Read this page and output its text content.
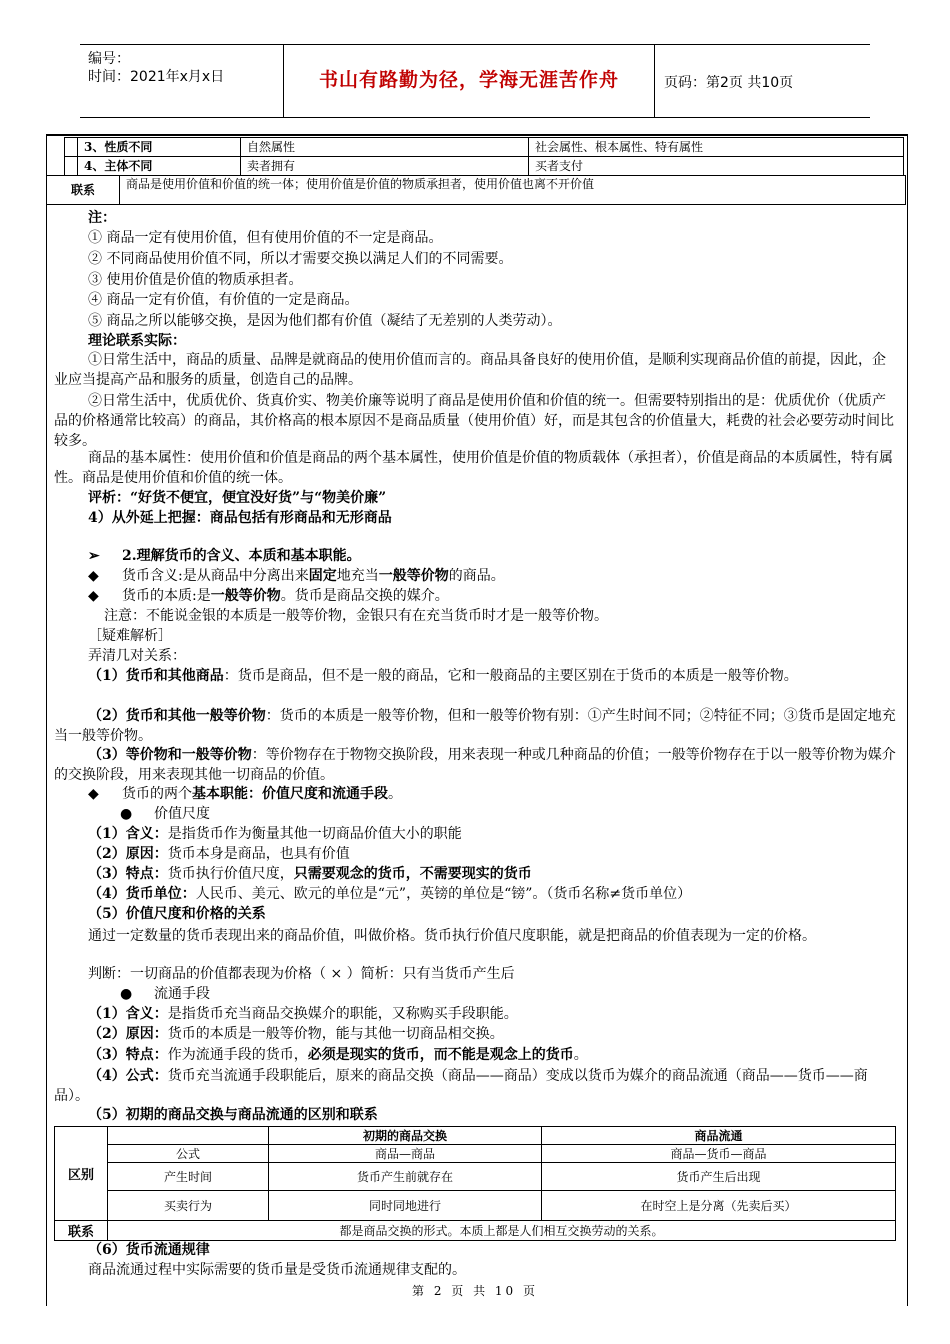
编号：
时间：2021年x月x日	书山有路勤为径，学海无涯苦作舟	页码：第2页 共10页
	3、性质不同	自然属性	社会属性、根本属性、特有属性
	4、主体不同	卖者拥有	买者支付
联系	商品是使用价值和价值的统一体；使用价值是价值的物质承担者，使用价值也离不开价值
注：
① 商品一定有使用价值，但有使用价值的不一定是商品。
② 不同商品使用价值不同，所以才需要交换以满足人们的不同需要。
③ 使用价值是价值的物质承担者。
④ 商品一定有价值，有价值的一定是商品。
⑤ 商品之所以能够交换，是因为他们都有价值（凝结了无差别的人类劳动）。
理论联系实际：
①日常生活中，商品的质量、品牌是就商品的使用价值而言的。商品具备良好的使用价值，是顺利实现商品价值的前提，因此，企业应当提高产品和服务的质量，创造自己的品牌。
②日常生活中，优质优价、货真价实、物美价廉等说明了商品是使用价值和价值的统一。但需要特别指出的是：优质优价（优质产品的价格通常比较高）的商品，其价格高的根本原因不是商品质量（使用价值）好，而是其包含的价值量大，耗费的社会必要劳动时间比较多。
商品的基本属性：使用价值和价值是商品的两个基本属性，使用价值是价值的物质载体（承担者），价值是商品的本质属性，特有属性。商品是使用价值和价值的统一体。
评析：“好货不便宜，便宜没好货”与“物美价廉”
4）从外延上把握：商品包括有形商品和无形商品
➢ 2.理解货币的含义、本质和基本职能。
◆ 货币含义:是从商品中分离出来固定地充当一般等价物的商品。
◆ 货币的本质:是一般等价物。货币是商品交换的媒介。
注意：不能说金银的本质是一般等价物，金银只有在充当货币时才是一般等价物。
［疑难解析］
弄清几对关系：
（1）货币和其他商品：货币是商品，但不是一般的商品，它和一般商品的主要区别在于货币的本质是一般等价物。
（2）货币和其他一般等价物：货币的本质是一般等价物，但和一般等价物有别：①产生时间不同；②特征不同；③货币是固定地充当一般等价物。
（3）等价物和一般等价物：等价物存在于物物交换阶段，用来表现一种或几种商品的价值；一般等价物存在于以一般等价物为媒介的交换阶段，用来表现其他一切商品的价值。
◆ 货币的两个基本职能：价值尺度和流通手段。
● 价值尺度
（1）含义：是指货币作为衡量其他一切商品价值大小的职能
（2）原因：货币本身是商品，也具有价值
（3）特点：货币执行价值尺度，只需要观念的货币，不需要现实的货币
（4）货币单位：人民币、美元、欧元的单位是“元”，英镑的单位是“镑”。（货币名称≠货币单位）
（5）价值尺度和价格的关系
通过一定数量的货币表现出来的商品价值，叫做价格。货币执行价值尺度职能，就是把商品的价值表现为一定的价格。
判断：一切商品的价值都表现为价格（ × ）简析：只有当货币产生后
● 流通手段
（1）含义：是指货币充当商品交换媒介的职能，又称购买手段职能。
（2）原因：货币的本质是一般等价物，能与其他一切商品相交换。
（3）特点：作为流通手段的货币，必须是现实的货币，而不能是观念上的货币。
（4）公式：货币充当流通手段职能后，原来的商品交换（商品——商品）变成以货币为媒介的商品流通（商品——货币——商品）。
（5）初期的商品交换与商品流通的区别和联系
区别		初期的商品交换	商品流通
	公式	商品—商品	商品—货币—商品
	产生时间	货币产生前就存在	货币产生后出现
	买卖行为	同时同地进行	在时空上是分离（先卖后买）
联系	都是商品交换的形式。本质上都是人们相互交换劳动的关系。		
（6）货币流通规律
商品流通过程中实际需要的货币量是受货币流通规律支配的。
第 2 页 共 10 页
